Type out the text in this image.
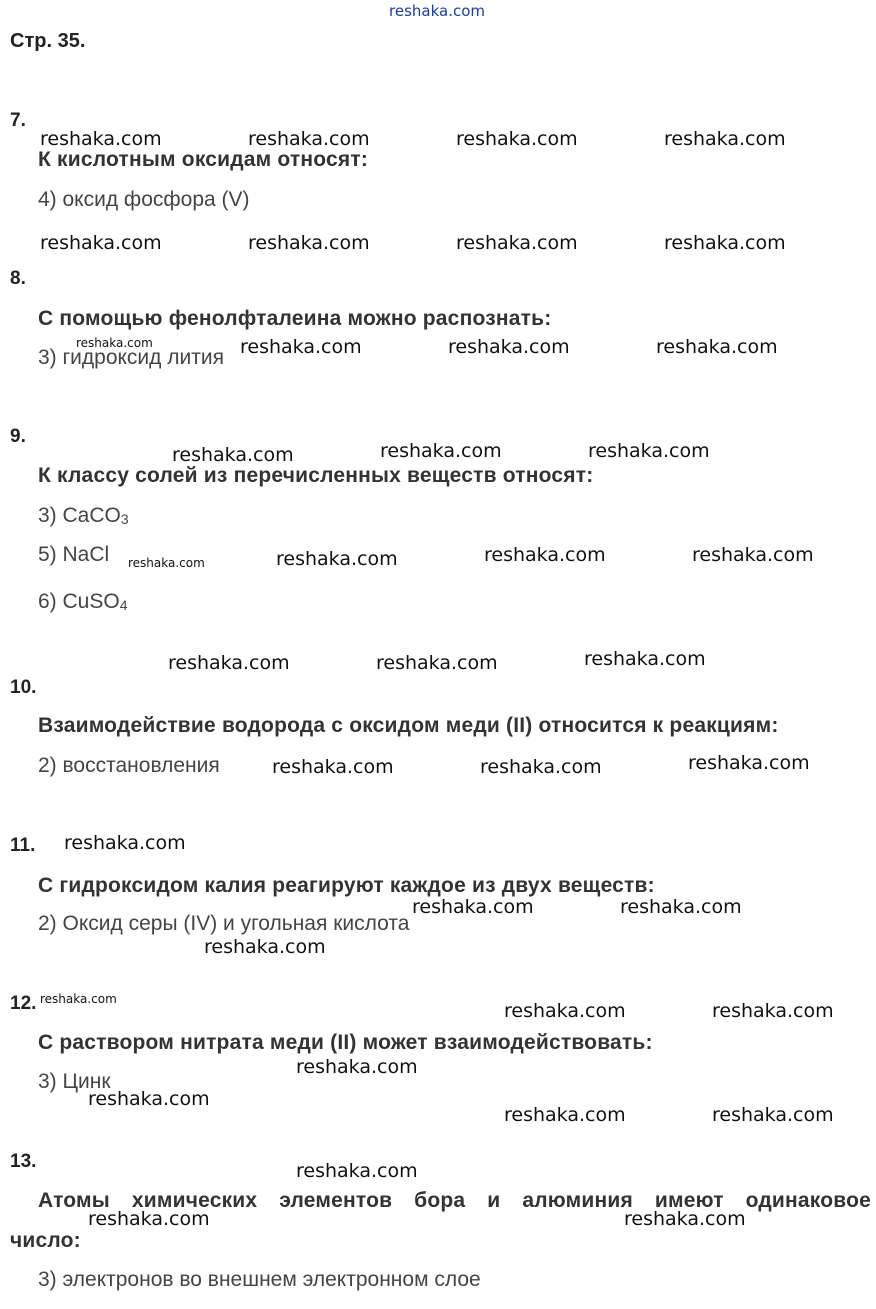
reshaka.com
Стр. 35.
7.
К кислотным оксидам относят:
4) оксид фосфора (V)
8.
С помощью фенолфталеина можно распознать:
3) гидроксид лития
9.
К классу солей из перечисленных веществ относят:
3) CaCO$_3$
5) NaCl
6) CuSO$_4$
10.
Взаимодействие водорода с оксидом меди (II) относится к реакциям:
2) восстановления
11.
С гидроксидом калия реагируют каждое из двух веществ:
2) Оксид серы (IV) и угольная кислота
12.
С раствором нитрата меди (II) может взаимодействовать:
3) Цинк
13.
Атомы химических элементов бора и алюминия имеют одинаковое
число:
3) электронов во внешнем электронном слое
reshaka.com	reshaka.com	reshaka.com	reshaka.com
reshaka.com	reshaka.com	reshaka.com	reshaka.com
reshaka.com	reshaka.com	reshaka.com	reshaka.com
reshaka.com	reshaka.com	reshaka.com
reshaka.com	reshaka.com	reshaka.com	reshaka.com
reshaka.com	reshaka.com	reshaka.com
reshaka.com	reshaka.com	reshaka.com
reshaka.com
reshaka.com	reshaka.com
reshaka.com
reshaka.com
reshaka.com	reshaka.com
reshaka.com
reshaka.com
reshaka.com	reshaka.com
reshaka.com
reshaka.com	reshaka.com
